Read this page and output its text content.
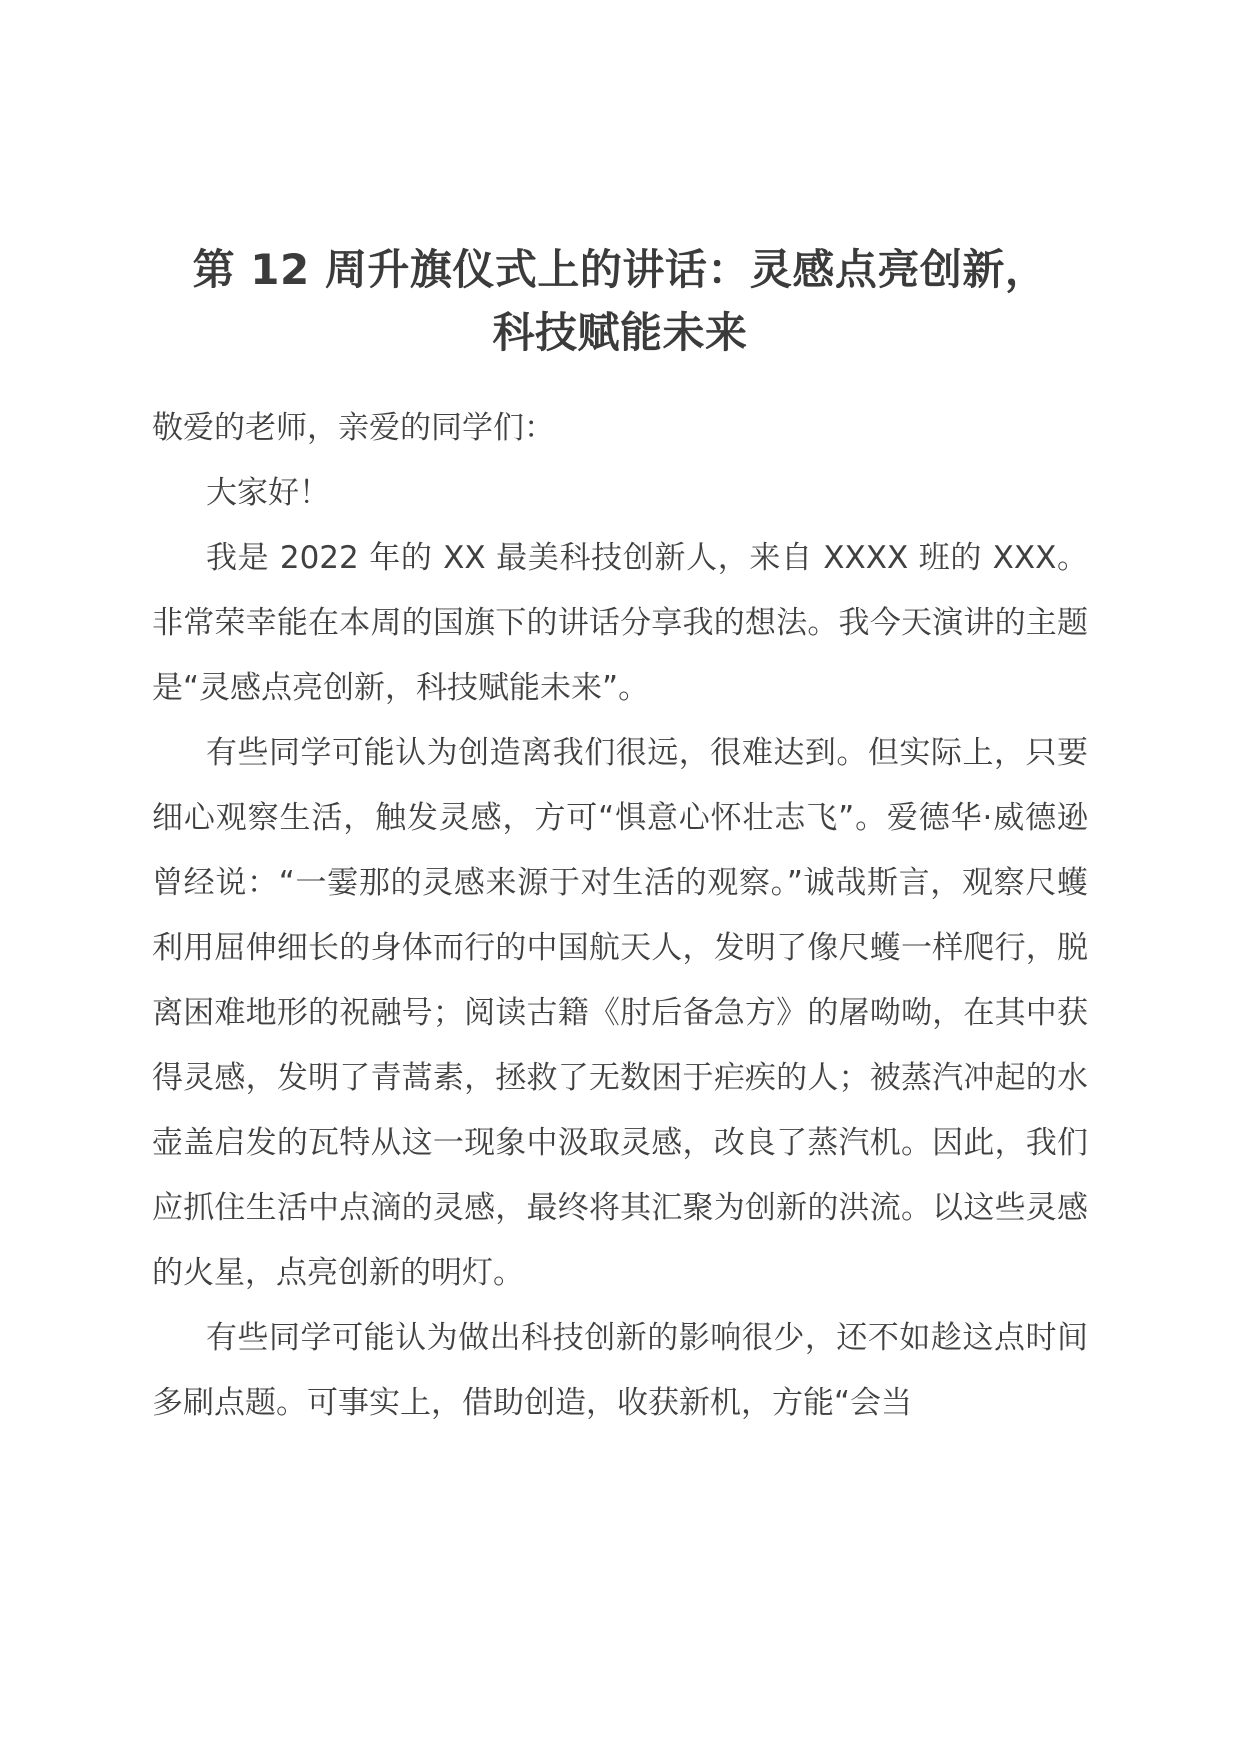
第 12 周升旗仪式上的讲话：灵感点亮创新，
科技赋能未来

敬爱的老师，亲爱的同学们：

大家好！

我是 2022 年的 XX 最美科技创新人，来自 XXXX 班的 XXX。非常荣幸能在本周的国旗下的讲话分享我的想法。我今天演讲的主题是“灵感点亮创新，科技赋能未来”。

有些同学可能认为创造离我们很远，很难达到。但实际上，只要细心观察生活，触发灵感，方可“惧意心怀壮志飞”。爱德华·威德逊曾经说：“一霎那的灵感来源于对生活的观察。”诚哉斯言，观察尺蠖利用屈伸细长的身体而行的中国航天人，发明了像尺蠖一样爬行，脱离困难地形的祝融号；阅读古籍《肘后备急方》的屠呦呦，在其中获得灵感，发明了青蒿素，拯救了无数困于疟疾的人；被蒸汽冲起的水壶盖启发的瓦特从这一现象中汲取灵感，改良了蒸汽机。因此，我们应抓住生活中点滴的灵感，最终将其汇聚为创新的洪流。以这些灵感的火星，点亮创新的明灯。

有些同学可能认为做出科技创新的影响很少，还不如趁这点时间多刷点题。可事实上，借助创造，收获新机，方能“会当
